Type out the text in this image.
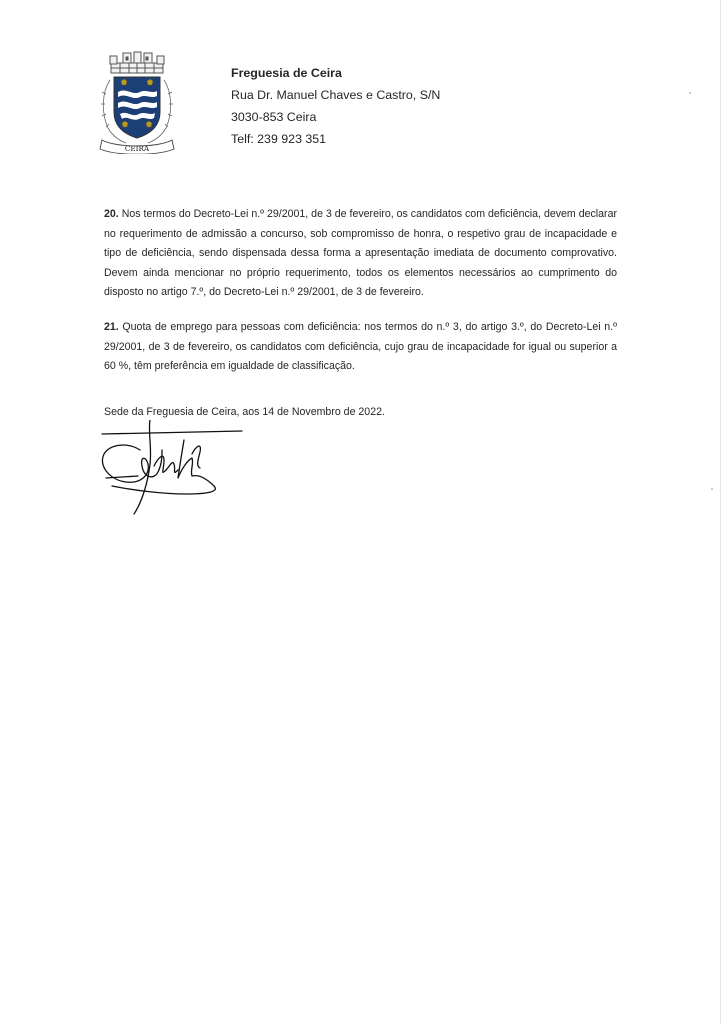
CEIRA
Freguesia de Ceira
Rua Dr. Manuel Chaves e Castro, S/N
3030-853 Ceira
Telf: 239 923 351
20. Nos termos do Decreto-Lei n.º 29/2001, de 3 de fevereiro, os candidatos com deficiência, devem declarar no requerimento de admissão a concurso, sob compromisso de honra, o respetivo grau de incapacidade e tipo de deficiência, sendo dispensada dessa forma a apresentação imediata de documento comprovativo. Devem ainda mencionar no próprio requerimento, todos os elementos necessários ao cumprimento do disposto no artigo 7.º, do Decreto-Lei n.º 29/2001, de 3 de fevereiro.
21. Quota de emprego para pessoas com deficiência: nos termos do n.º 3, do artigo 3.º, do Decreto-Lei n.º 29/2001, de 3 de fevereiro, os candidatos com deficiência, cujo grau de incapacidade for igual ou superior a 60 %, têm preferência em igualdade de classificação.
Sede da Freguesia de Ceira, aos 14 de Novembro de 2022.
